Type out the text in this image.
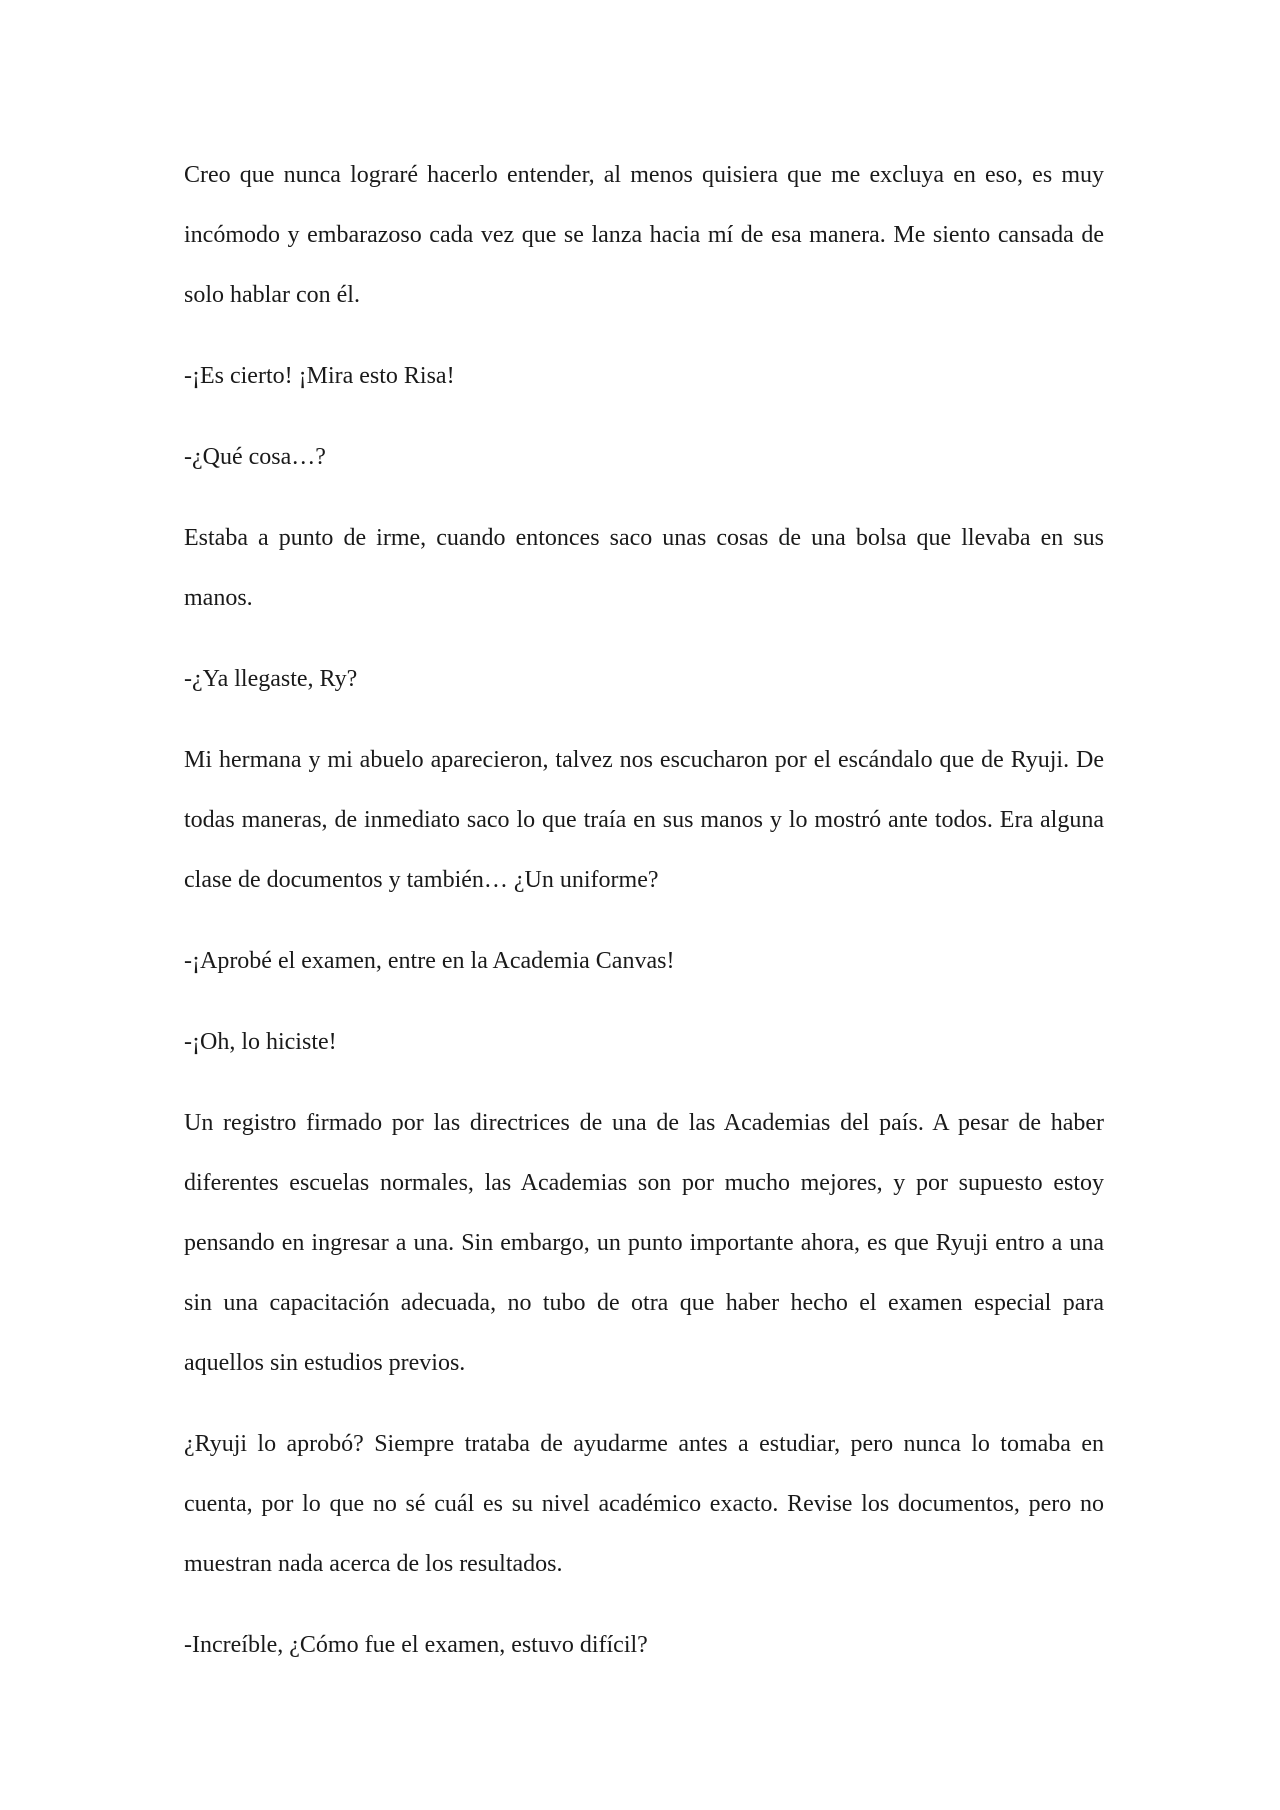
Creo que nunca lograré hacerlo entender, al menos quisiera que me excluya en eso, es muy incómodo y embarazoso cada vez que se lanza hacia mí de esa manera. Me siento cansada de solo hablar con él.

-¡Es cierto! ¡Mira esto Risa!

-¿Qué cosa…?

Estaba a punto de irme, cuando entonces saco unas cosas de una bolsa que llevaba en sus manos.

-¿Ya llegaste, Ry?

Mi hermana y mi abuelo aparecieron, talvez nos escucharon por el escándalo que de Ryuji. De todas maneras, de inmediato saco lo que traía en sus manos y lo mostró ante todos. Era alguna clase de documentos y también… ¿Un uniforme?

-¡Aprobé el examen, entre en la Academia Canvas!

-¡Oh, lo hiciste!

Un registro firmado por las directrices de una de las Academias del país. A pesar de haber diferentes escuelas normales, las Academias son por mucho mejores, y por supuesto estoy pensando en ingresar a una. Sin embargo, un punto importante ahora, es que Ryuji entro a una sin una capacitación adecuada, no tubo de otra que haber hecho el examen especial para aquellos sin estudios previos.

¿Ryuji lo aprobó? Siempre trataba de ayudarme antes a estudiar, pero nunca lo tomaba en cuenta, por lo que no sé cuál es su nivel académico exacto. Revise los documentos, pero no muestran nada acerca de los resultados.

-Increíble, ¿Cómo fue el examen, estuvo difícil?
